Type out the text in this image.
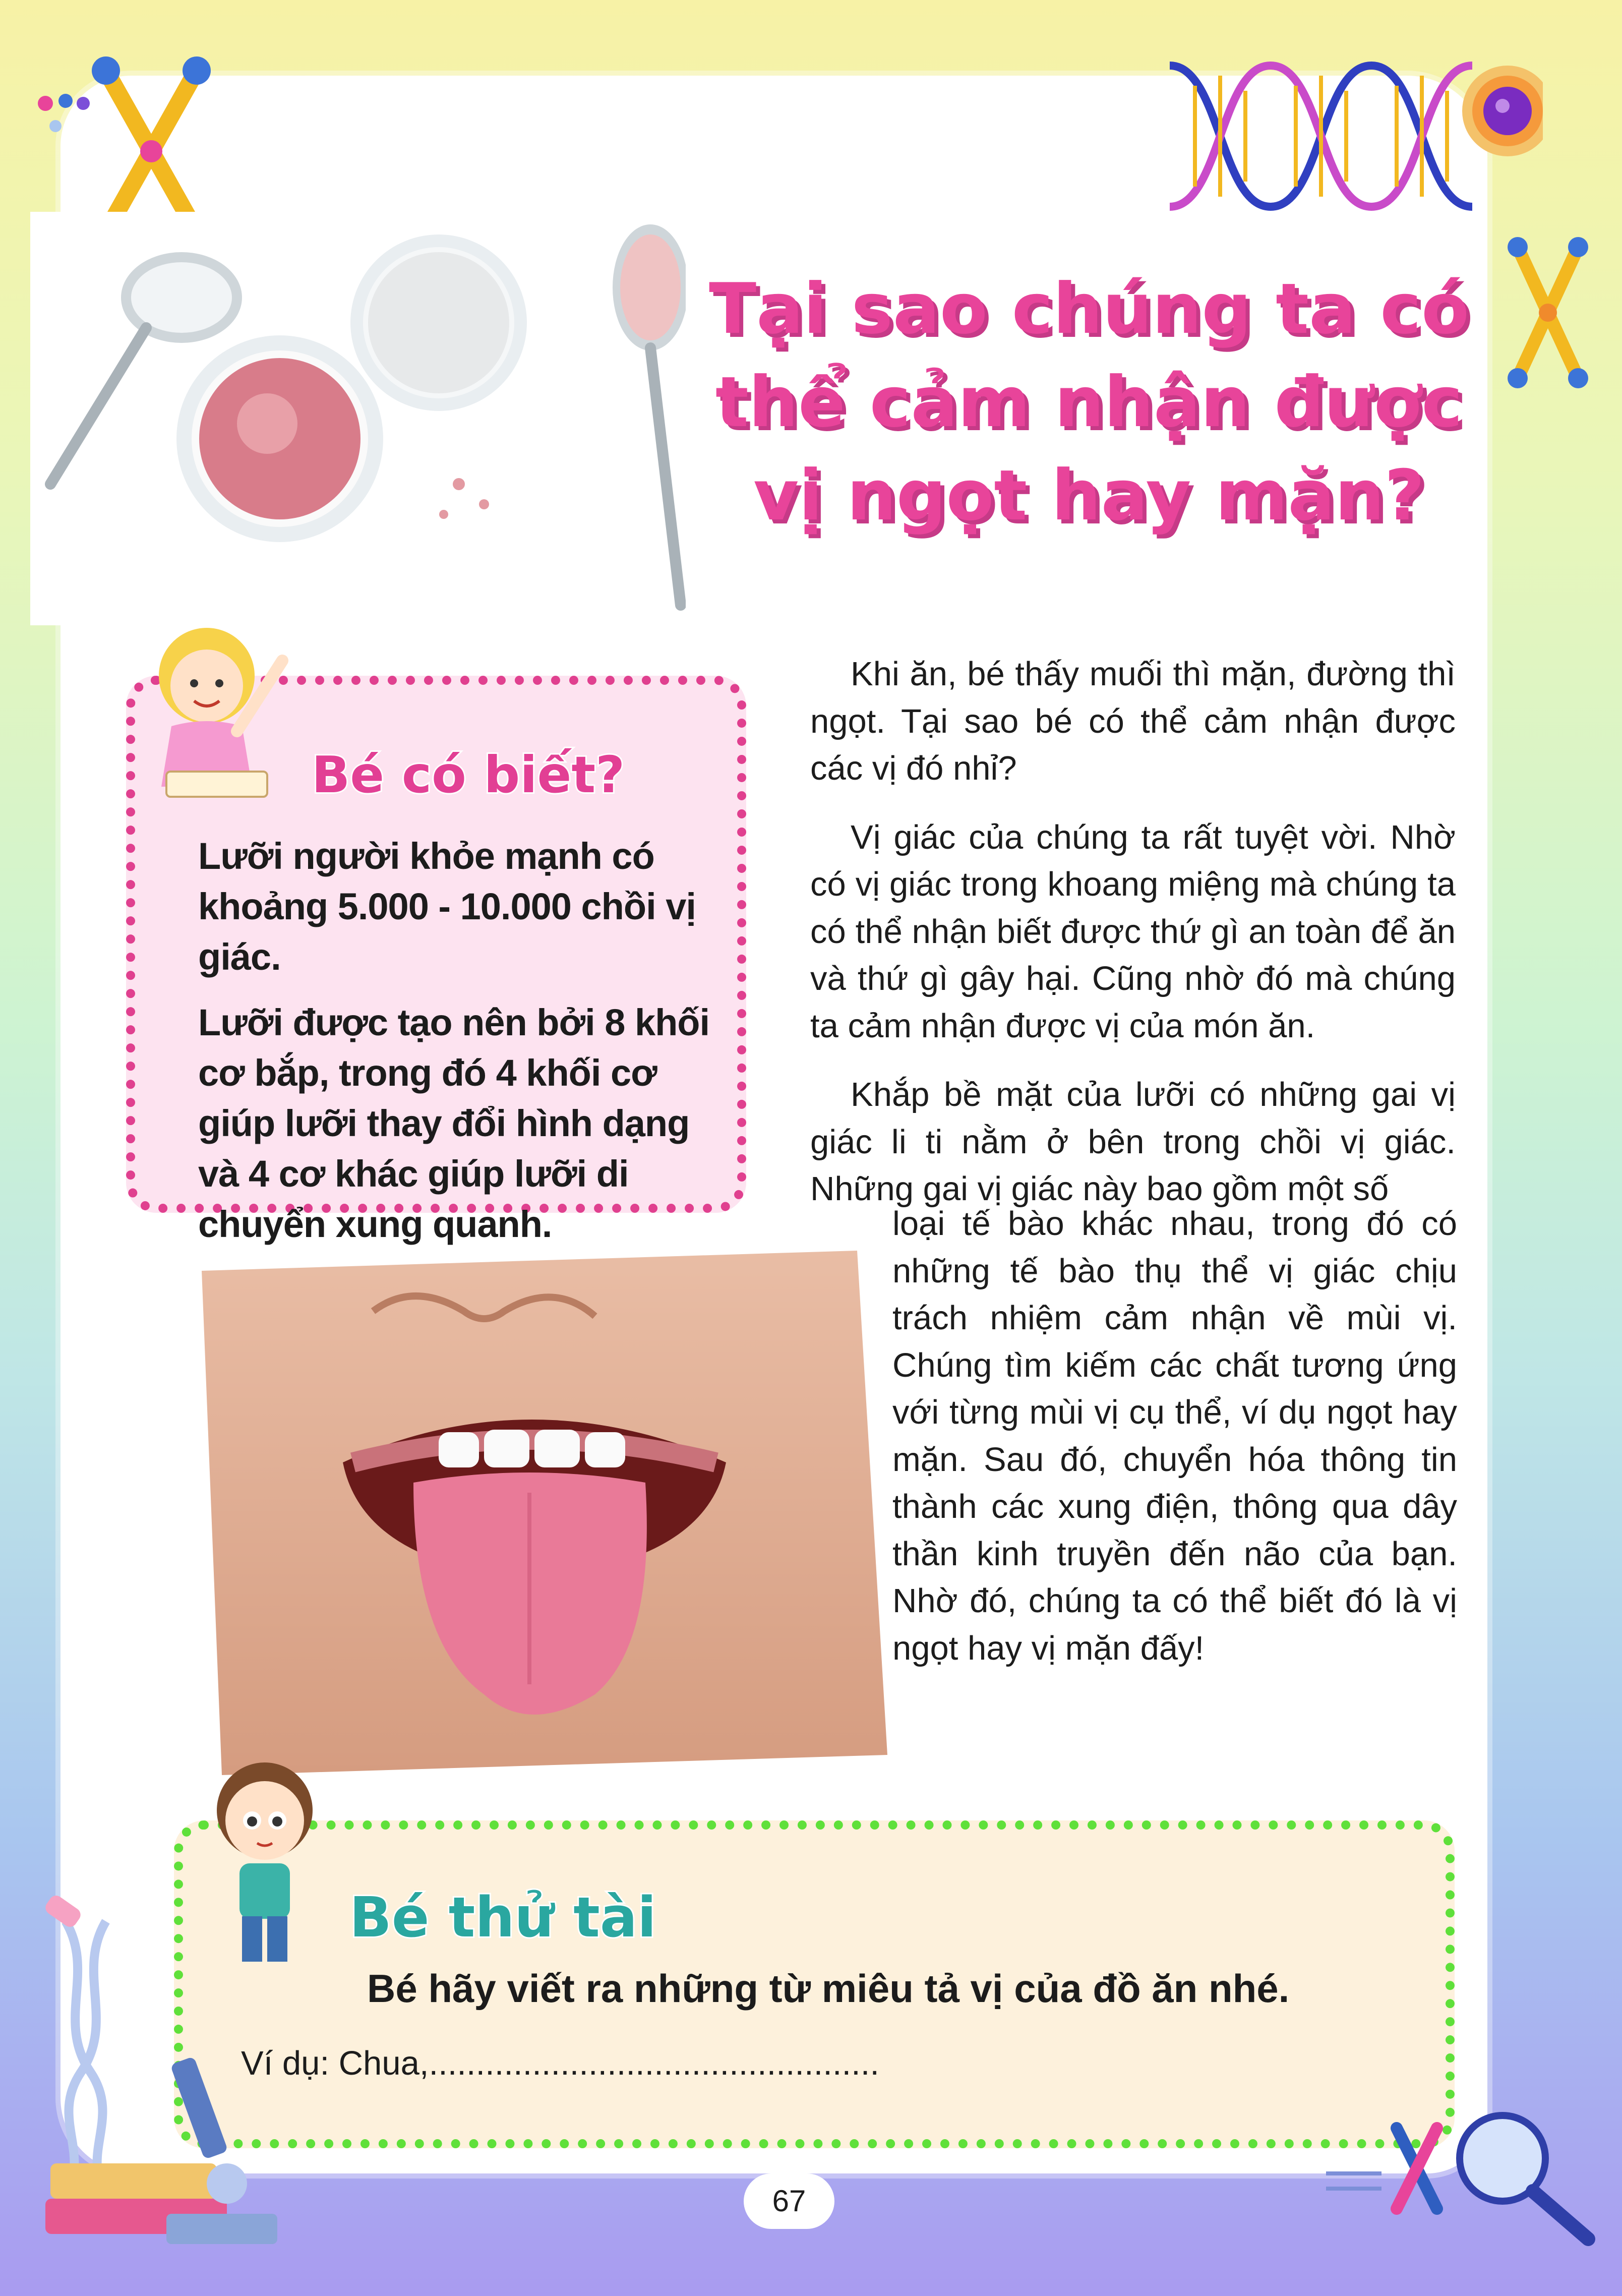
Tại sao chúng ta có
thể cảm nhận được
vị ngọt hay mặn?
Bé có biết?

Lưỡi người khỏe mạnh có khoảng 5.000 - 10.000 chồi vị giác.

Lưỡi được tạo nên bởi 8 khối cơ bắp, trong đó 4 khối cơ giúp lưỡi thay đổi hình dạng và 4 cơ khác giúp lưỡi di chuyển xung quanh.

Khi ăn, bé thấy muối thì mặn, đường thì ngọt. Tại sao bé có thể cảm nhận được các vị đó nhỉ?

Vị giác của chúng ta rất tuyệt vời. Nhờ có vị giác trong khoang miệng mà chúng ta có thể nhận biết được thứ gì an toàn để ăn và thứ gì gây hại. Cũng nhờ đó mà chúng ta cảm nhận được vị của món ăn.

Khắp bề mặt của lưỡi có những gai vị giác li ti nằm ở bên trong chồi vị giác. Những gai vị giác này bao gồm một số

loại tế bào khác nhau, trong đó có những tế bào thụ thể vị giác chịu trách nhiệm cảm nhận về mùi vị. Chúng tìm kiếm các chất tương ứng với từng mùi vị cụ thể, ví dụ ngọt hay mặn. Sau đó, chuyển hóa thông tin thành các xung điện, thông qua dây thần kinh truyền đến não của bạn. Nhờ đó, chúng ta có thể biết đó là vị ngọt hay vị mặn đấy!
Bé thử tài

Bé hãy viết ra những từ miêu tả vị của đồ ăn nhé.

Ví dụ: Chua,................................................

67
